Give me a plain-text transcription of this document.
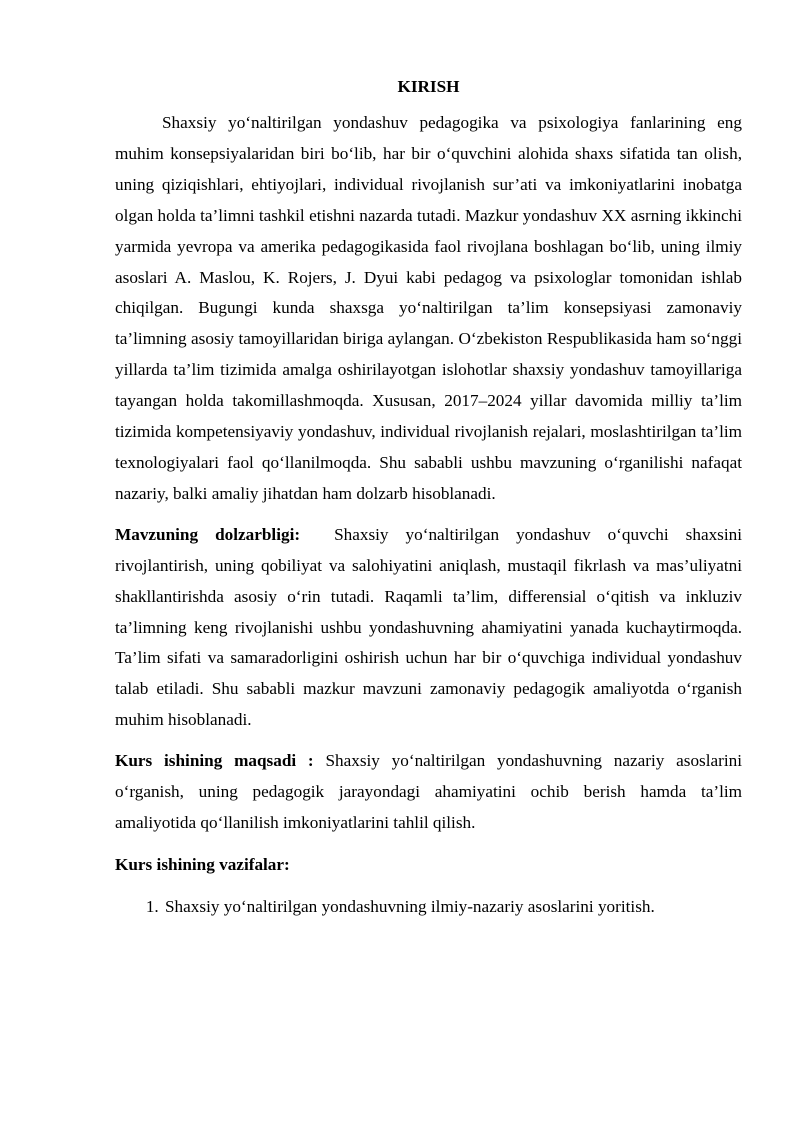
KIRISH

Shaxsiy yo‘naltirilgan yondashuv pedagogika va psixologiya fanlarining eng muhim konsepsiyalaridan biri bo‘lib, har bir o‘quvchini alohida shaxs sifatida tan olish, uning qiziqishlari, ehtiyojlari, individual rivojlanish sur’ati va imkoniyatlarini inobatga olgan holda ta’limni tashkil etishni nazarda tutadi. Mazkur yondashuv XX asrning ikkinchi yarmida yevropa va amerika pedagogikasida faol rivojlana boshlagan bo‘lib, uning ilmiy asoslari A. Maslou, K. Rojers, J. Dyui kabi pedagog va psixologlar tomonidan ishlab chiqilgan. Bugungi kunda shaxsga yo‘naltirilgan ta’lim konsepsiyasi zamonaviy ta’limning asosiy tamoyillaridan biriga aylangan. O‘zbekiston Respublikasida ham so‘nggi yillarda ta’lim tizimida amalga oshirilayotgan islohotlar shaxsiy yondashuv tamoyillariga tayangan holda takomillashmoqda. Xususan, 2017–2024 yillar davomida milliy ta’lim tizimida kompetensiyaviy yondashuv, individual rivojlanish rejalari, moslashtirilgan ta’lim texnologiyalari faol qo‘llanilmoqda. Shu sababli ushbu mavzuning o‘rganilishi nafaqat nazariy, balki amaliy jihatdan ham dolzarb hisoblanadi.

Mavzuning dolzarbligi: Shaxsiy yo‘naltirilgan yondashuv o‘quvchi shaxsini rivojlantirish, uning qobiliyat va salohiyatini aniqlash, mustaqil fikrlash va mas’uliyatni shakllantirishda asosiy o‘rin tutadi. Raqamli ta’lim, differensial o‘qitish va inkluziv ta’limning keng rivojlanishi ushbu yondashuvning ahamiyatini yanada kuchaytirmoqda. Ta’lim sifati va samaradorligini oshirish uchun har bir o‘quvchiga individual yondashuv talab etiladi. Shu sababli mazkur mavzuni zamonaviy pedagogik amaliyotda o‘rganish muhim hisoblanadi.

Kurs ishining maqsadi : Shaxsiy yo‘naltirilgan yondashuvning nazariy asoslarini o‘rganish, uning pedagogik jarayondagi ahamiyatini ochib berish hamda ta’lim amaliyotida qo‘llanilish imkoniyatlarini tahlil qilish.

Kurs ishining vazifalar:
1. Shaxsiy yo‘naltirilgan yondashuvning ilmiy-nazariy asoslarini yoritish.
